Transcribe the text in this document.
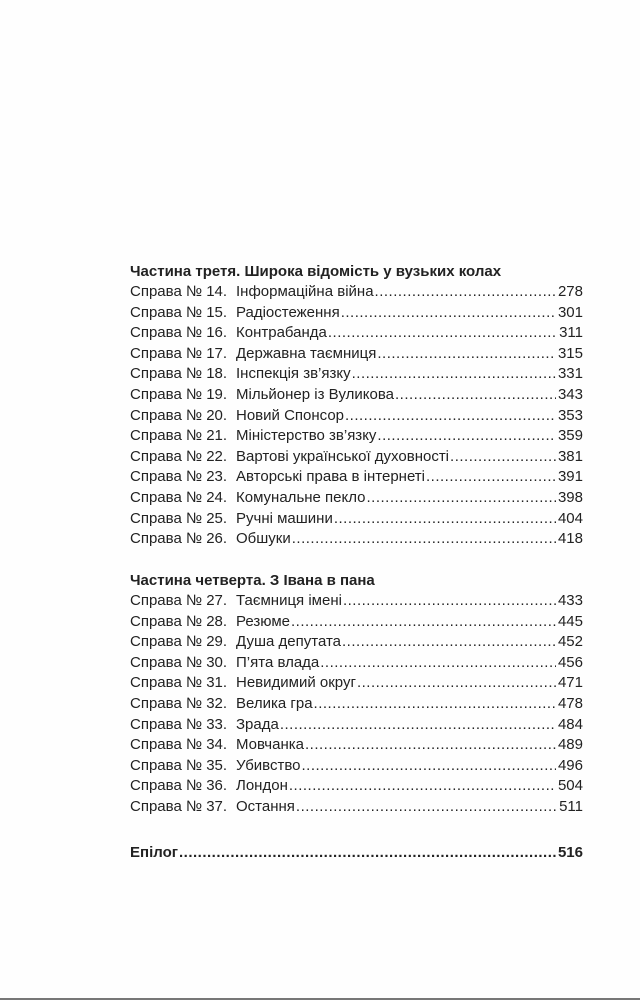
Частина третя. Широка відомість у вузьких колах
Справа № 14. Інформаційна війна .....	278
Справа № 15. Радіостеження .....	301
Справа № 16. Контрабанда .....	311
Справа № 17. Державна таємниця .....	315
Справа № 18. Інспекція зв’язку .....	331
Справа № 19. Мільйонер із Вуликова .....	343
Справа № 20. Новий Спонсор .....	353
Справа № 21. Міністерство зв’язку .....	359
Справа № 22. Вартові української духовності .....	381
Справа № 23. Авторські права в інтернеті .....	391
Справа № 24. Комунальне пекло .....	398
Справа № 25. Ручні машини .....	404
Справа № 26. Обшуки .....	418
Частина четверта. З Івана в пана
Справа № 27. Таємниця імені .....	433
Справа № 28. Резюме .....	445
Справа № 29. Душа депутата .....	452
Справа № 30. П’ята влада .....	456
Справа № 31. Невидимий округ .....	471
Справа № 32. Велика гра .....	478
Справа № 33. Зрада .....	484
Справа № 34. Мовчанка .....	489
Справа № 35. Убивство .....	496
Справа № 36. Лондон .....	504
Справа № 37. Остання .....	511
Епілог .....	516
